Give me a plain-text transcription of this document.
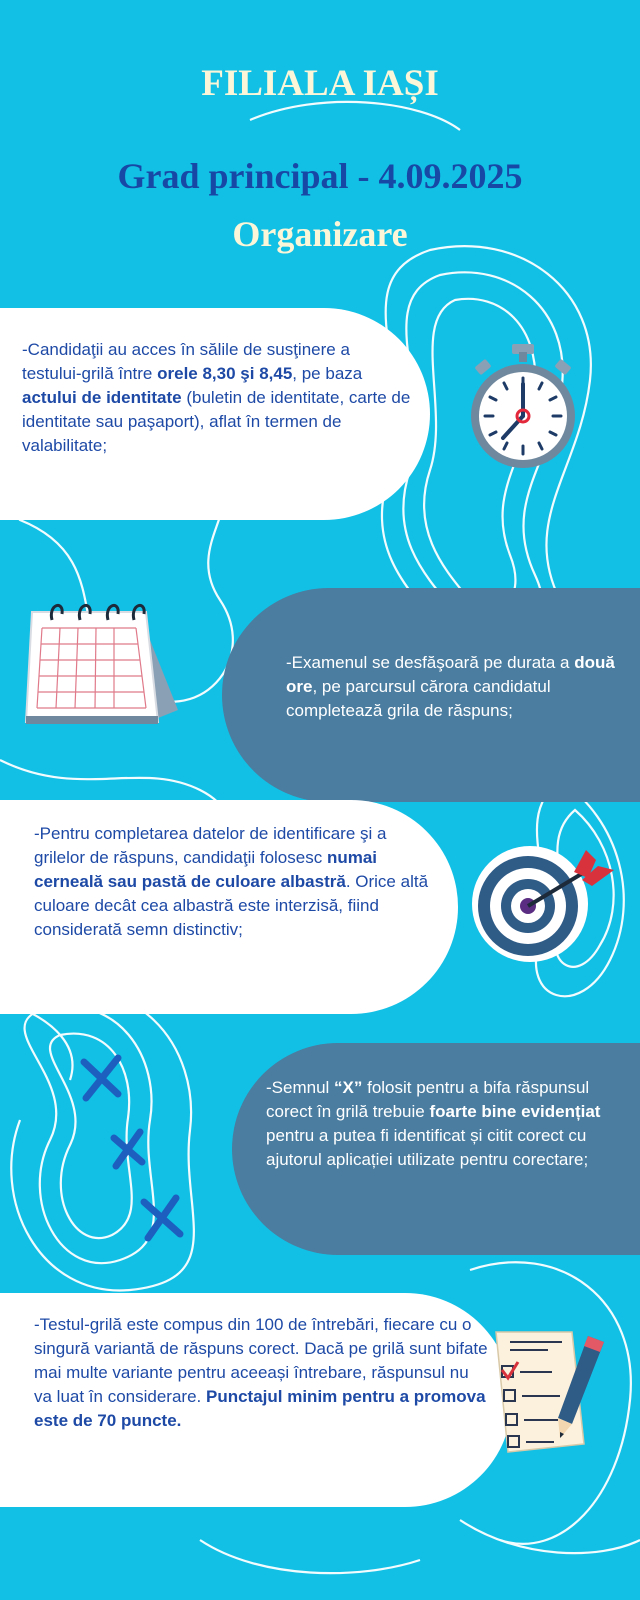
FILIALA IAȘI
Grad principal - 4.09.2025
Organizare
-Candidaţii au acces în sălile de susţinere a testului-grilă între orele 8,30 şi 8,45, pe baza actului de identitate (buletin de identitate, carte de identitate sau paşaport), aflat în termen de valabilitate;
-Examenul se desfăşoară pe durata a două ore, pe parcursul cărora candidatul completează grila de răspuns;
-Pentru completarea datelor de identificare şi a grilelor de răspuns, candidaţii folosesc numai cerneală sau pastă de culoare albastră. Orice altă culoare decât cea albastră este interzisă, fiind considerată semn distinctiv;
-Semnul “X” folosit pentru a bifa răspunsul corect în grilă trebuie foarte bine evidențiat pentru a putea fi identificat și citit corect cu ajutorul aplicației utilizate pentru corectare;
-Testul-grilă este compus din 100 de întrebări, fiecare cu o singură variantă de răspuns corect. Dacă pe grilă sunt bifate mai multe variante pentru aceeași întrebare, răspunsul nu va luat în considerare. Punctajul minim pentru a promova este de 70 puncte.
